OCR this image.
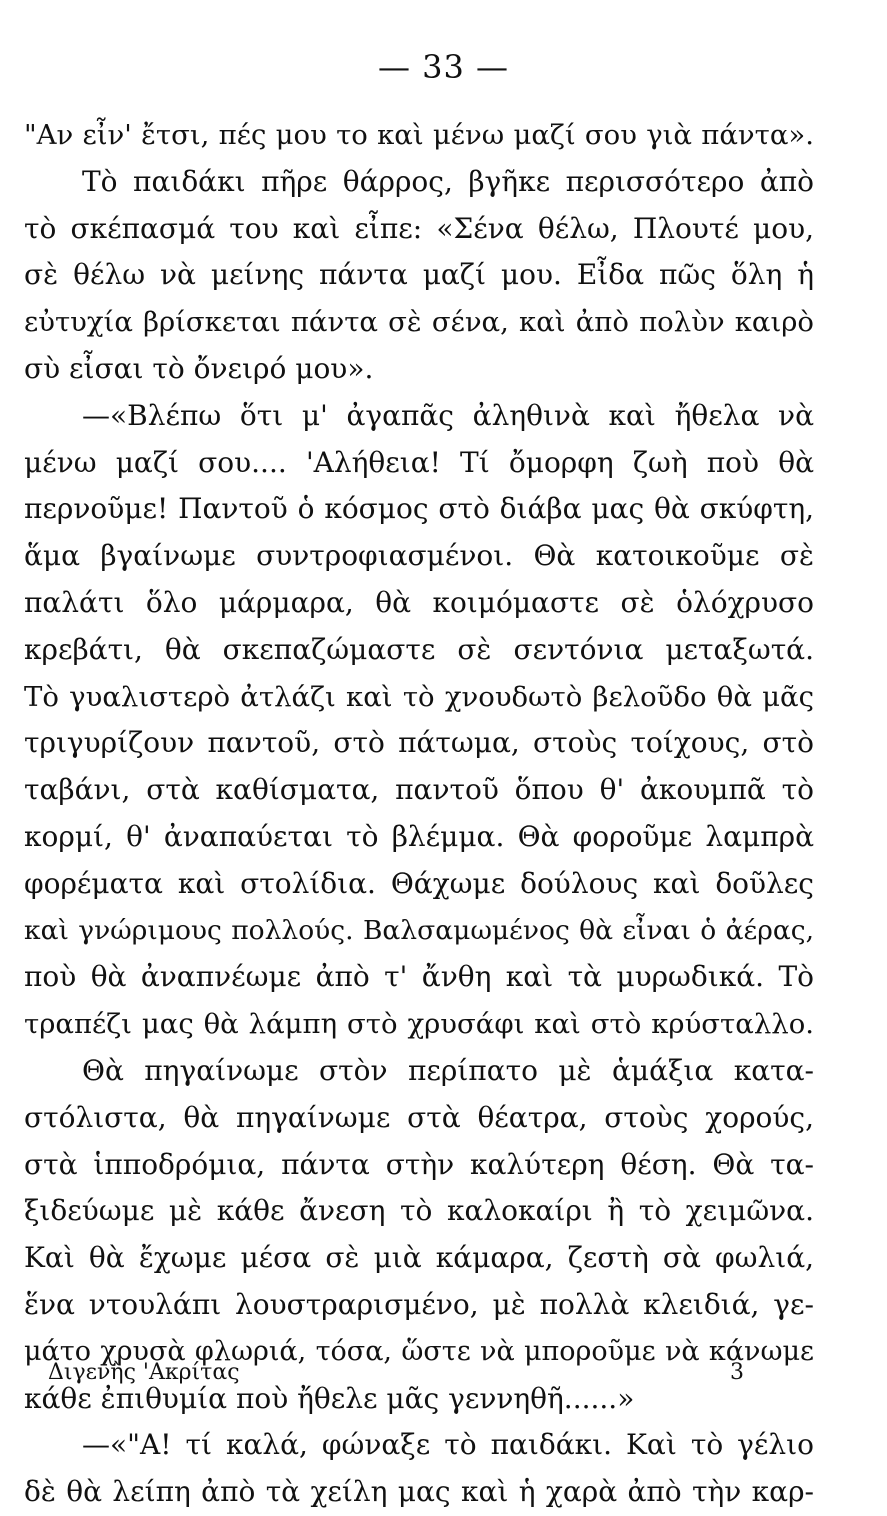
— 33 —
"Αν εἶν' ἔτσι, πές μου το καὶ μένω μαζί σου γιὰ πάντα».
Τὸ παιδάκι πῆρε θάρρος, βγῆκε περισσότερο ἀπὸ
τὸ σκέπασμά του καὶ εἶπε: «Σένα θέλω, Πλουτέ μου,
σὲ θέλω νὰ μείνης πάντα μαζί μου. Εἶδα πῶς ὅλη ἡ
εὐτυχία βρίσκεται πάντα σὲ σένα, καὶ ἀπὸ πολὺν καιρὸ
σὺ εἶσαι τὸ ὄνειρό μου».
—«Βλέπω ὅτι μ' ἀγαπᾶς ἀληθινὰ καὶ ἤθελα νὰ
μένω μαζί σου.... 'Αλήθεια! Τί ὄμορφη ζωὴ ποὺ θὰ
περνοῦμε! Παντοῦ ὁ κόσμος στὸ διάβα μας θὰ σκύφτη,
ἅμα βγαίνωμε συντροφιασμένοι. Θὰ κατοικοῦμε σὲ
παλάτι ὅλο μάρμαρα, θὰ κοιμόμαστε σὲ ὁλόχρυσο
κρεβάτι, θὰ σκεπαζώμαστε σὲ σεντόνια μεταξωτά.
Τὸ γυαλιστερὸ ἀτλάζι καὶ τὸ χνουδωτὸ βελοῦδο θὰ μᾶς
τριγυρίζουν παντοῦ, στὸ πάτωμα, στοὺς τοίχους, στὸ
ταβάνι, στὰ καθίσματα, παντοῦ ὅπου θ' ἀκουμπᾶ τὸ
κορμί, θ' ἀναπαύεται τὸ βλέμμα. Θὰ φοροῦμε λαμπρὰ
φορέματα καὶ στολίδια. Θάχωμε δούλους καὶ δοῦλες
καὶ γνώριμους πολλούς. Βαλσαμωμένος θὰ εἶναι ὁ ἀέρας,
ποὺ θὰ ἀναπνέωμε ἀπὸ τ' ἄνθη καὶ τὰ μυρωδικά. Τὸ
τραπέζι μας θὰ λάμπη στὸ χρυσάφι καὶ στὸ κρύσταλλο.
Θὰ πηγαίνωμε στὸν περίπατο μὲ ἁμάξια κατα-
στόλιστα, θὰ πηγαίνωμε στὰ θέατρα, στοὺς χορούς,
στὰ ἱπποδρόμια, πάντα στὴν καλύτερη θέση. Θὰ τα-
ξιδεύωμε μὲ κάθε ἄνεση τὸ καλοκαίρι ἢ τὸ χειμῶνα.
Καὶ θὰ ἔχωμε μέσα σὲ μιὰ κάμαρα, ζεστὴ σὰ φωλιά,
ἕνα ντουλάπι λουστραρισμένο, μὲ πολλὰ κλειδιά, γε-
μάτο χρυσὰ φλωριά, τόσα, ὥστε νὰ μποροῦμε νὰ κάνωμε
κάθε ἐπιθυμία ποὺ ἤθελε μᾶς γεννηθῆ......»
—«"Α! τί καλά, φώναξε τὸ παιδάκι. Καὶ τὸ γέλιο
δὲ θὰ λείπη ἀπὸ τὰ χείλη μας καὶ ἡ χαρὰ ἀπὸ τὴν καρ-
Διγενὴς 'Ακρίτας	3
